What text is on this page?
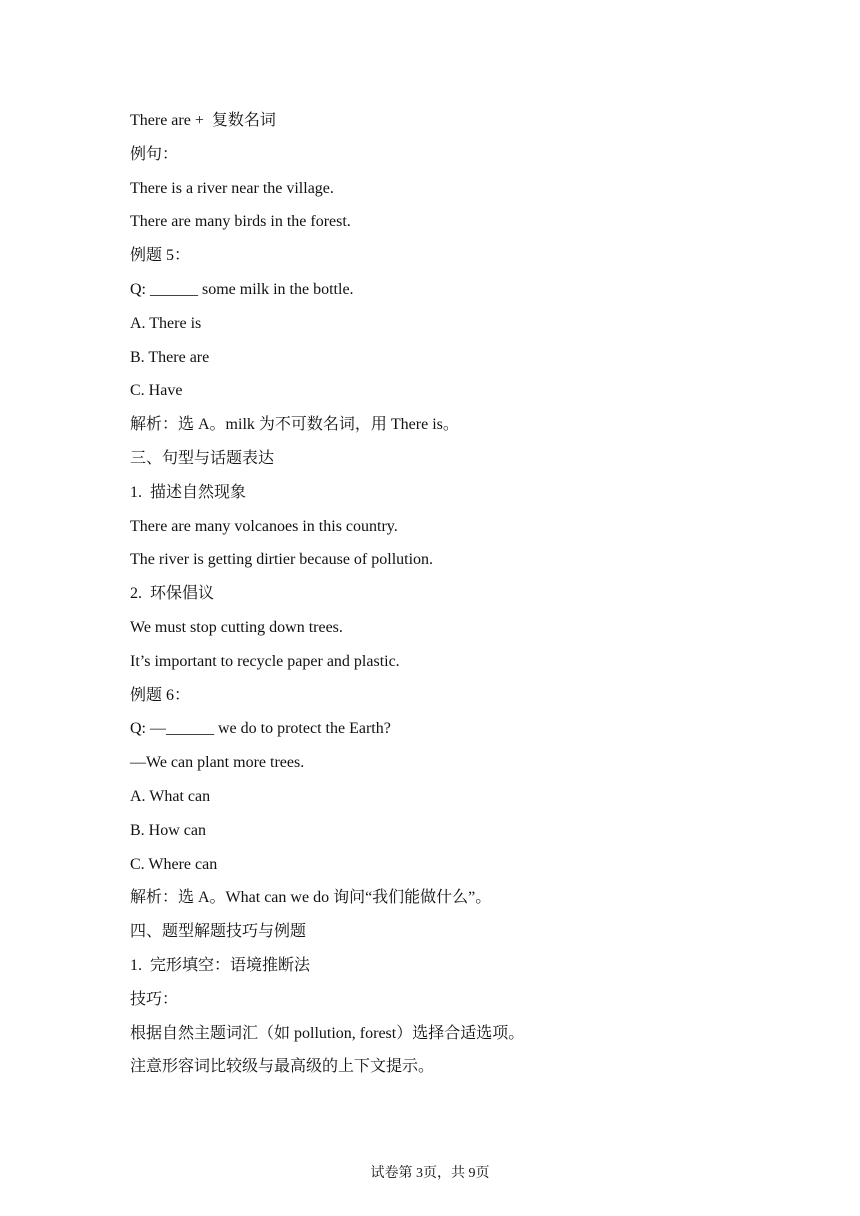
There are +  复数名词
例句：
There is a river near the village.
There are many birds in the forest.
例题 5：
Q: ______ some milk in the bottle.
A. There is
B. There are
C. Have
解析：选 A。milk 为不可数名词，用 There is。
三、句型与话题表达
1.  描述自然现象
There are many volcanoes in this country.
The river is getting dirtier because of pollution.
2.  环保倡议
We must stop cutting down trees.
It’s important to recycle paper and plastic.
例题 6：
Q: —______ we do to protect the Earth?
—We can plant more trees.
A. What can
B. How can
C. Where can
解析：选 A。What can we do 询问“我们能做什么”。
四、题型解题技巧与例题
1.  完形填空：语境推断法
技巧：
根据自然主题词汇（如 pollution, forest）选择合适选项。
注意形容词比较级与最高级的上下文提示。
试卷第 3页，共 9页
